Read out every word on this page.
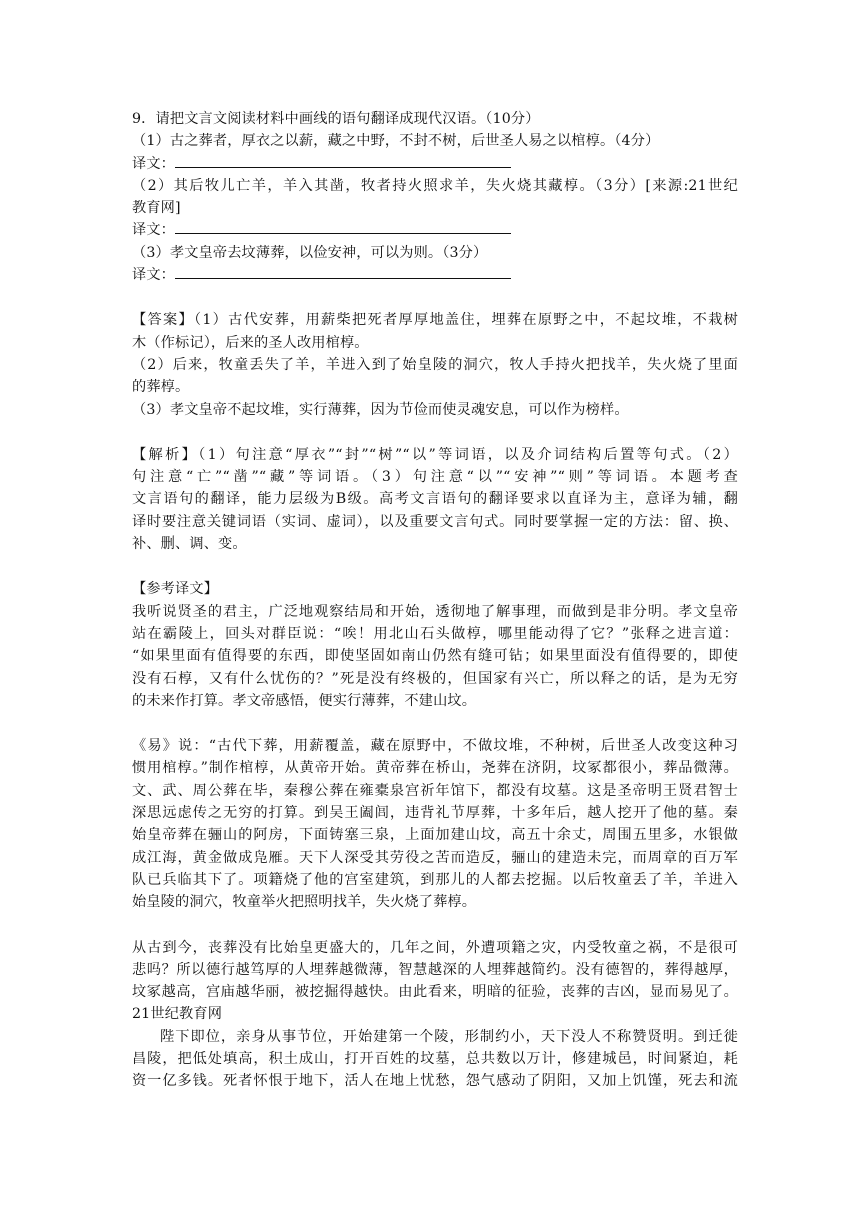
9．请把文言文阅读材料中画线的语句翻译成现代汉语。（10分）
（1）古之葬者，厚衣之以薪，藏之中野，不封不树，后世圣人易之以棺椁。（4分）
译文：
（2）其后牧儿亡羊，羊入其凿，牧者持火照求羊，失火烧其藏椁。（3分）[来源:21世纪
教育网]
译文：
（3）孝文皇帝去坟薄葬，以俭安神，可以为则。（3分）
译文：
【答案】（1）古代安葬，用薪柴把死者厚厚地盖住，埋葬在原野之中，不起坟堆，不栽树
木（作标记），后来的圣人改用棺椁。
（2）后来，牧童丢失了羊，羊进入到了始皇陵的洞穴，牧人手持火把找羊，失火烧了里面
的葬椁。
（3）孝文皇帝不起坟堆，实行薄葬，因为节俭而使灵魂安息，可以作为榜样。
【解析】（1）句注意“厚衣”“封”“树”“以”等词语，以及介词结构后置等句式。（2）
句注意“亡”“凿”“藏”等词语。（3）句注意“以”“安神”“则”等词语。本题考查
文言语句的翻译，能力层级为B级。高考文言语句的翻译要求以直译为主，意译为辅，翻
译时要注意关键词语（实词、虚词），以及重要文言句式。同时要掌握一定的方法：留、换、
补、删、调、变。
【参考译文】
我听说贤圣的君主，广泛地观察结局和开始，透彻地了解事理，而做到是非分明。孝文皇帝
站在霸陵上，回头对群臣说：“唉！用北山石头做椁，哪里能动得了它？”张释之进言道：
“如果里面有值得要的东西，即使坚固如南山仍然有缝可钻；如果里面没有值得要的，即使
没有石椁，又有什么忧伤的？”死是没有终极的，但国家有兴亡，所以释之的话，是为无穷
的未来作打算。孝文帝感悟，便实行薄葬，不建山坟。
《易》说：“古代下葬，用薪覆盖，藏在原野中，不做坟堆，不种树，后世圣人改变这种习
惯用棺椁。”制作棺椁，从黄帝开始。黄帝葬在桥山，尧葬在济阴，坟冢都很小，葬品微薄。
文、武、周公葬在毕，秦穆公葬在雍橐泉宫祈年馆下，都没有坟墓。这是圣帝明王贤君智士
深思远虑传之无穷的打算。到吴王阖闾，违背礼节厚葬，十多年后，越人挖开了他的墓。秦
始皇帝葬在骊山的阿房，下面铸塞三泉，上面加建山坟，高五十余丈，周围五里多，水银做
成江海，黄金做成凫雁。天下人深受其劳役之苦而造反，骊山的建造未完，而周章的百万军
队已兵临其下了。项籍烧了他的宫室建筑，到那儿的人都去挖掘。以后牧童丢了羊，羊进入
始皇陵的洞穴，牧童举火把照明找羊，失火烧了葬椁。
从古到今，丧葬没有比始皇更盛大的，几年之间，外遭项籍之灾，内受牧童之祸，不是很可
悲吗？所以德行越笃厚的人埋葬越微薄，智慧越深的人埋葬越简约。没有德智的，葬得越厚，
坟冢越高，宫庙越华丽，被挖掘得越快。由此看来，明暗的征验，丧葬的吉凶，显而易见了。
21世纪教育网
陛下即位，亲身从事节位，开始建第一个陵，形制约小，天下没人不称赞贤明。到迁徙
昌陵，把低处填高，积土成山，打开百姓的坟墓，总共数以万计，修建城邑，时间紧迫，耗
资一亿多钱。死者怀恨于地下，活人在地上忧愁，怨气感动了阴阳，又加上饥馑，死去和流
